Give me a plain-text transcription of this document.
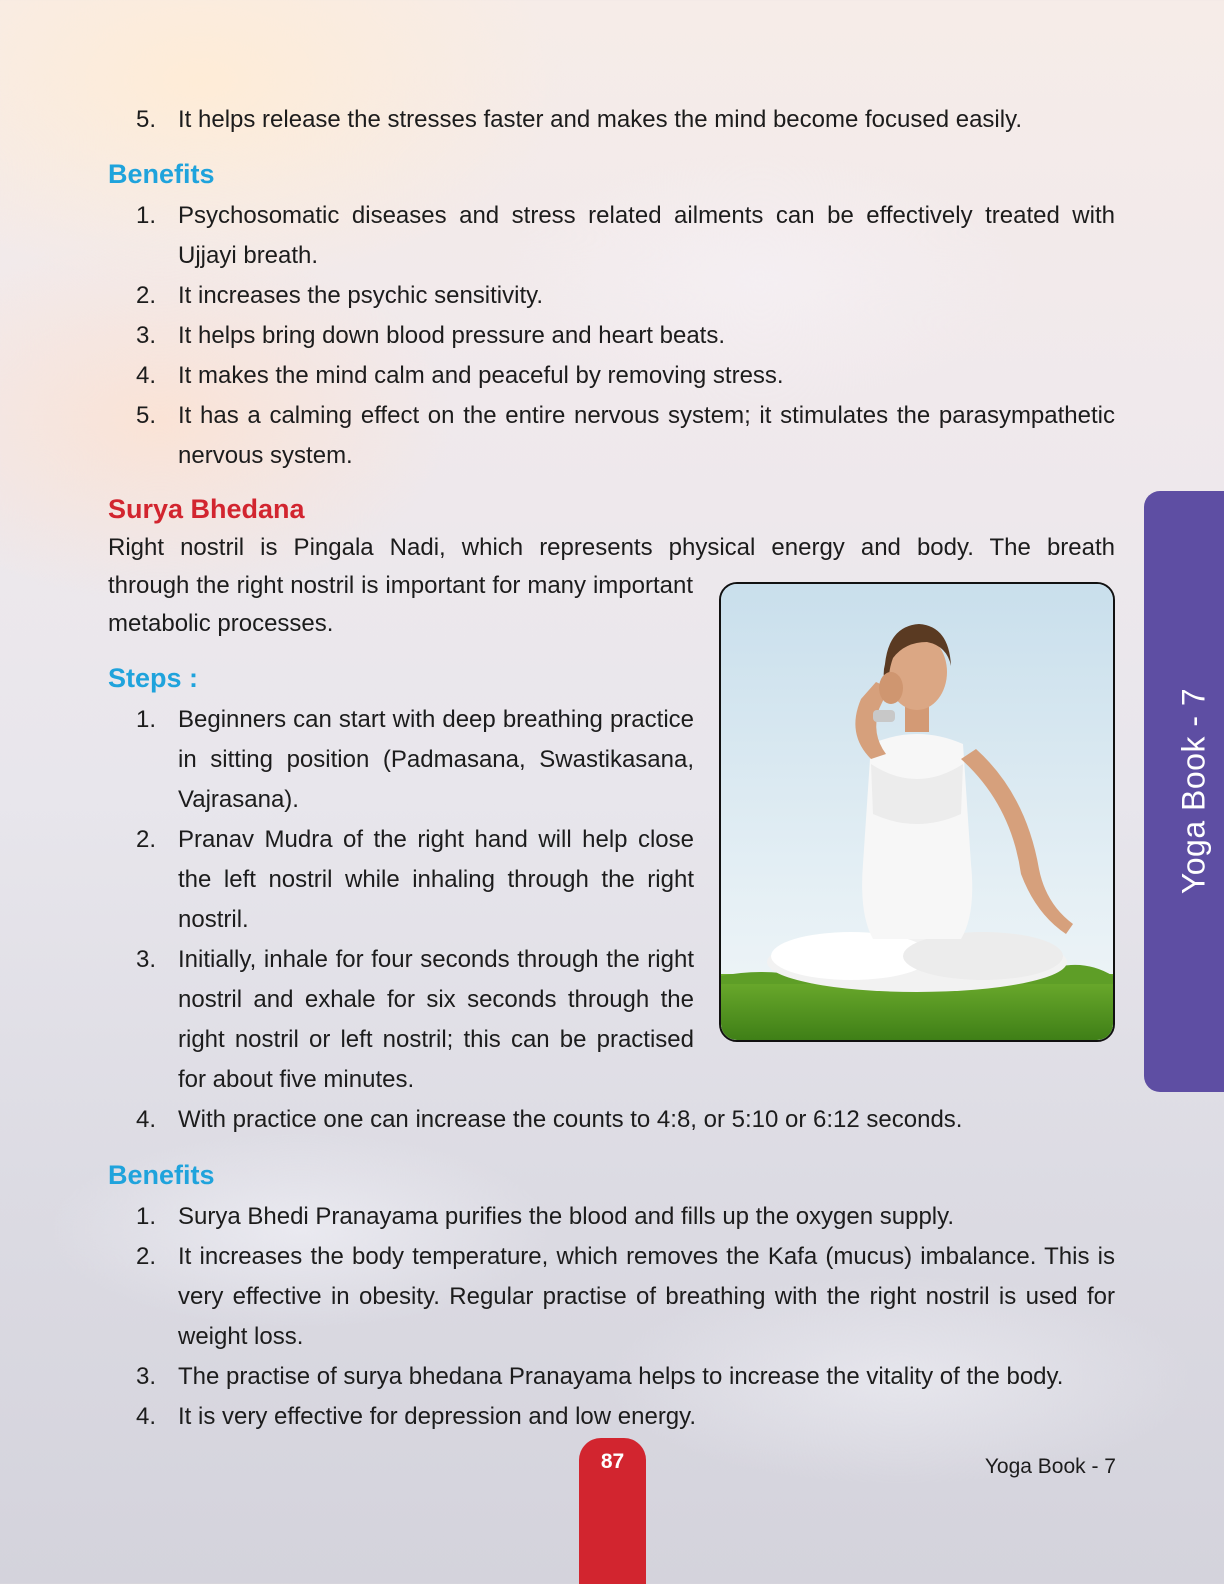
5. It helps release the stresses faster and makes the mind become focused easily.
Benefits
1. Psychosomatic diseases and stress related ailments can be effectively treated with Ujjayi breath.
2. It increases the psychic sensitivity.
3. It helps bring down blood pressure and heart beats.
4. It makes the mind calm and peaceful by removing stress.
5. It has a calming effect on the entire nervous system; it stimulates the parasympathetic nervous system.
Surya Bhedana
Right nostril is Pingala Nadi, which represents physical energy and body. The breath
through the right nostril is important for many important metabolic processes.
Steps :
1. Beginners can start with deep breathing practice in sitting position (Padmasana, Swastikasana, Vajrasana).
2. Pranav Mudra of the right hand will help close the left nostril while inhaling through the right nostril.
3. Initially, inhale for four seconds through the right nostril and exhale for six seconds through the right nostril or left nostril; this can be practised for about five minutes.
4. With practice one can increase the counts to 4:8, or 5:10 or 6:12 seconds.
Benefits
1. Surya Bhedi Pranayama purifies the blood and fills up the oxygen supply.
2. It increases the body temperature, which removes the Kafa (mucus) imbalance. This is very effective in obesity. Regular practise of breathing with the right nostril is used for weight loss.
3. The practise of surya bhedana Pranayama helps to increase the vitality of the body.
4. It is very effective for depression and low energy.
Yoga Book - 7
87	Yoga Book - 7
